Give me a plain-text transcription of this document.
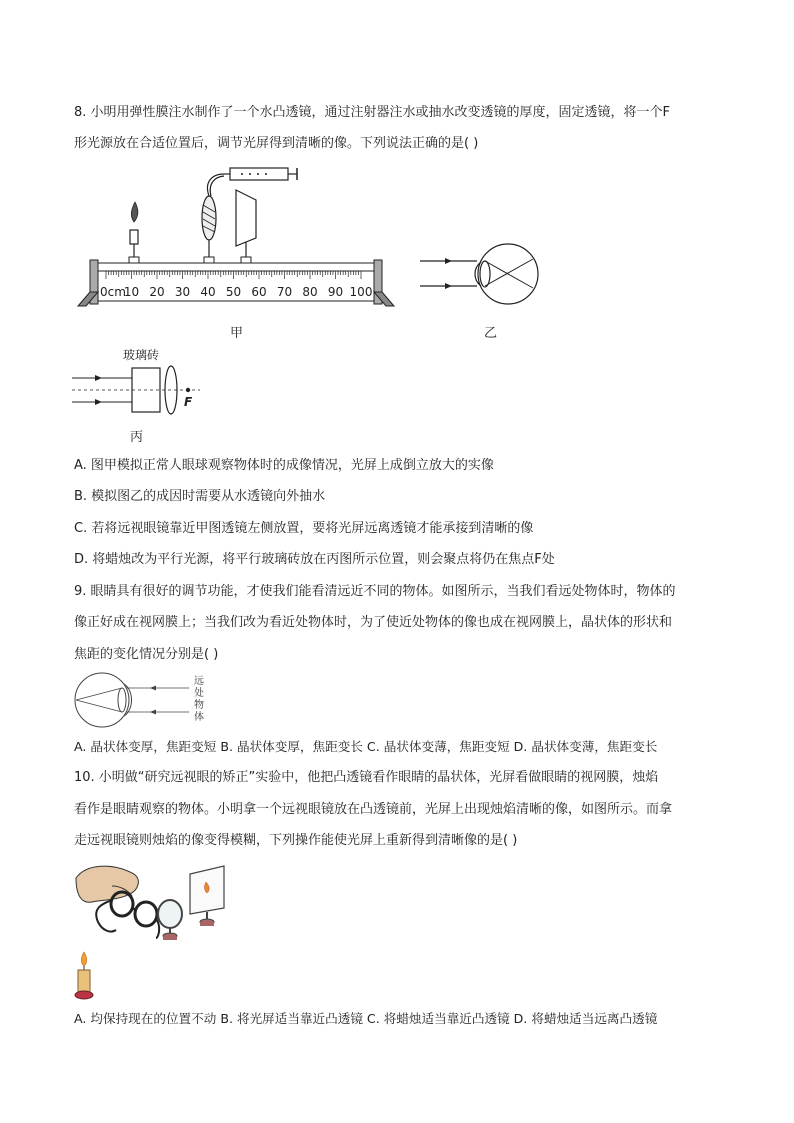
8. 小明用弹性膜注水制作了一个水凸透镜，通过注射器注水或抽水改变透镜的厚度，固定透镜，将一个F
形光源放在合适位置后，调节光屏得到清晰的像。下列说法正确的是( )
0cm
10 20 30 40 50 60 70 80 90 100
甲	乙
玻璃砖
F
丙
A. 图甲模拟正常人眼球观察物体时的成像情况，光屏上成倒立放大的实像
B. 模拟图乙的成因时需要从水透镜向外抽水
C. 若将远视眼镜靠近甲图透镜左侧放置，要将光屏远离透镜才能承接到清晰的像
D. 将蜡烛改为平行光源，将平行玻璃砖放在丙图所示位置，则会聚点将仍在焦点F处
9. 眼睛具有很好的调节功能，才使我们能看清远近不同的物体。如图所示，当我们看远处物体时，物体的
像正好成在视网膜上；当我们改为看近处物体时，为了使近处物体的像也成在视网膜上，晶状体的形状和
焦距的变化情况分别是( )
远
处
物
体
A. 晶状体变厚，焦距变短 B. 晶状体变厚，焦距变长 C. 晶状体变薄，焦距变短 D. 晶状体变薄，焦距变长
10. 小明做“研究远视眼的矫正”实验中，他把凸透镜看作眼睛的晶状体，光屏看做眼睛的视网膜，烛焰
看作是眼睛观察的物体。小明拿一个远视眼镜放在凸透镜前，光屏上出现烛焰清晰的像，如图所示。而拿
走远视眼镜则烛焰的像变得模糊，下列操作能使光屏上重新得到清晰像的是( )
A. 均保持现在的位置不动 B. 将光屏适当靠近凸透镜 C. 将蜡烛适当靠近凸透镜 D. 将蜡烛适当远离凸透镜
